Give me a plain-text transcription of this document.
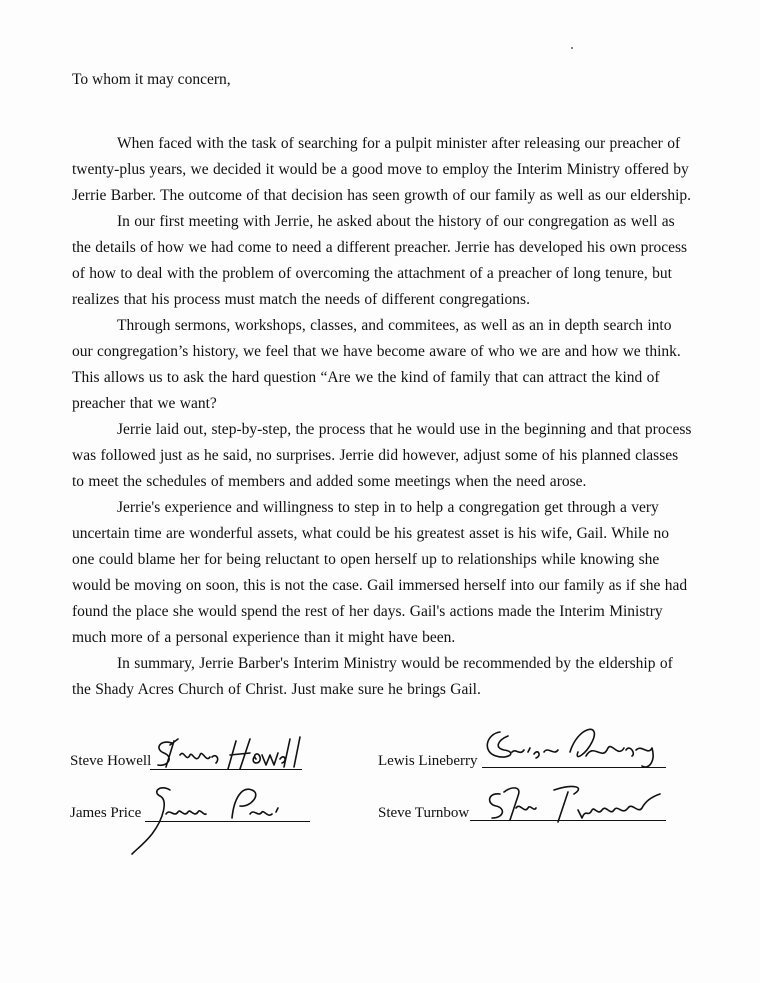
To whom it may concern,

When faced with the task of searching for a pulpit minister after releasing our preacher of twenty-plus years, we decided it would be a good move to employ the Interim Ministry offered by Jerrie Barber. The outcome of that decision has seen growth of our family as well as our eldership.

In our first meeting with Jerrie, he asked about the history of our congregation as well as the details of how we had come to need a different preacher. Jerrie has developed his own process of how to deal with the problem of overcoming the attachment of a preacher of long tenure, but realizes that his process must match the needs of different congregations.

Through sermons, workshops, classes, and commitees, as well as an in depth search into our congregation’s history, we feel that we have become aware of who we are and how we think. This allows us to ask the hard question “Are we the kind of family that can attract the kind of preacher that we want?

Jerrie laid out, step-by-step, the process that he would use in the beginning and that process was followed just as he said, no surprises. Jerrie did however, adjust some of his planned classes to meet the schedules of members and added some meetings when the need arose.

Jerrie's experience and willingness to step in to help a congregation get through a very uncertain time are wonderful assets, what could be his greatest asset is his wife, Gail. While no one could blame her for being reluctant to open herself up to relationships while knowing she would be moving on soon, this is not the case. Gail immersed herself into our family as if she had found the place she would spend the rest of her days. Gail's actions made the Interim Ministry much more of a personal experience than it might have been.

In summary, Jerrie Barber's Interim Ministry would be recommended by the eldership of the Shady Acres Church of Christ. Just make sure he brings Gail.

Steve Howell	Lewis Lineberry
James Price	Steve Turnbow
